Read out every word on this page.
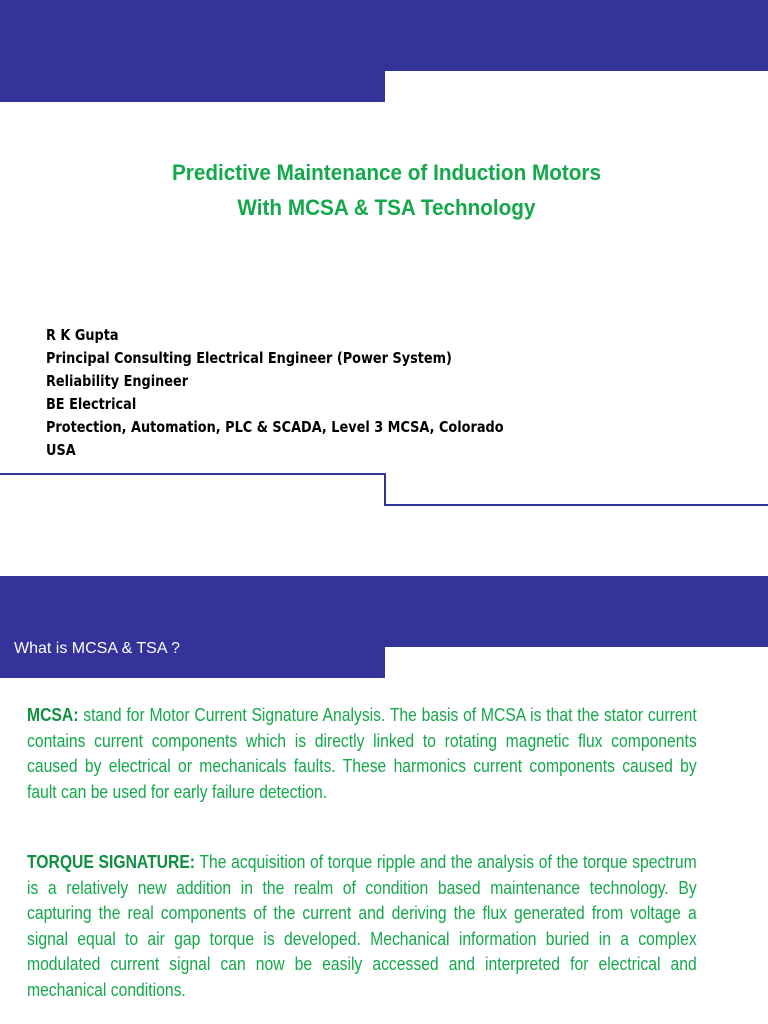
Predictive Maintenance of Induction Motors
With MCSA & TSA Technology
R K Gupta
Principal Consulting Electrical Engineer (Power System)
Reliability Engineer
BE Electrical
Protection, Automation, PLC & SCADA, Level 3 MCSA, Colorado
USA
What is MCSA & TSA ?
MCSA: stand for Motor Current Signature Analysis. The basis of MCSA is that the stator current contains current components which is directly linked to rotating magnetic flux components caused by electrical or mechanicals faults. These harmonics current components caused by fault can be used for early failure detection.
TORQUE SIGNATURE: The acquisition of torque ripple and the analysis of the torque spectrum is a relatively new addition in the realm of condition based maintenance technology. By capturing the real components of the current and deriving the flux generated from voltage a signal equal to air gap torque is developed. Mechanical information buried in a complex modulated current signal can now be easily accessed and interpreted for electrical and mechanical conditions.
